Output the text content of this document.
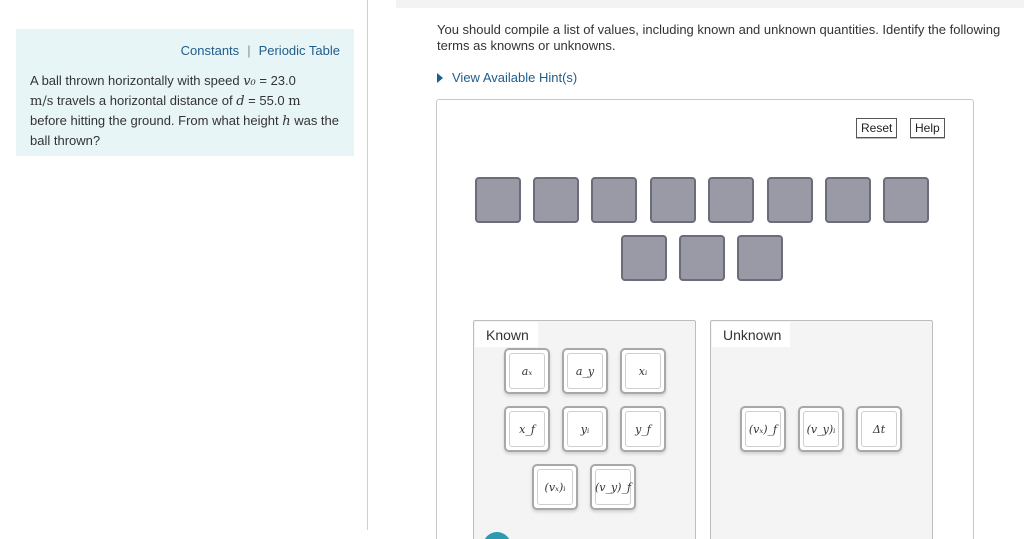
Constants | Periodic Table
A ball thrown horizontally with speed v₀ = 23.0
m/s travels a horizontal distance of d = 55.0 m before hitting the ground. From what height h was the ball thrown?
You should compile a list of values, including known and unknown quantities. Identify the following terms as knowns or unknowns.
View Available Hint(s)
Reset	Help
Known
aₓ	a_y	xᵢ
x_f	yᵢ	y_f
(vₓ)ᵢ	(v_y)_f
Unknown
(vₓ)_f	(v_y)ᵢ	Δt
